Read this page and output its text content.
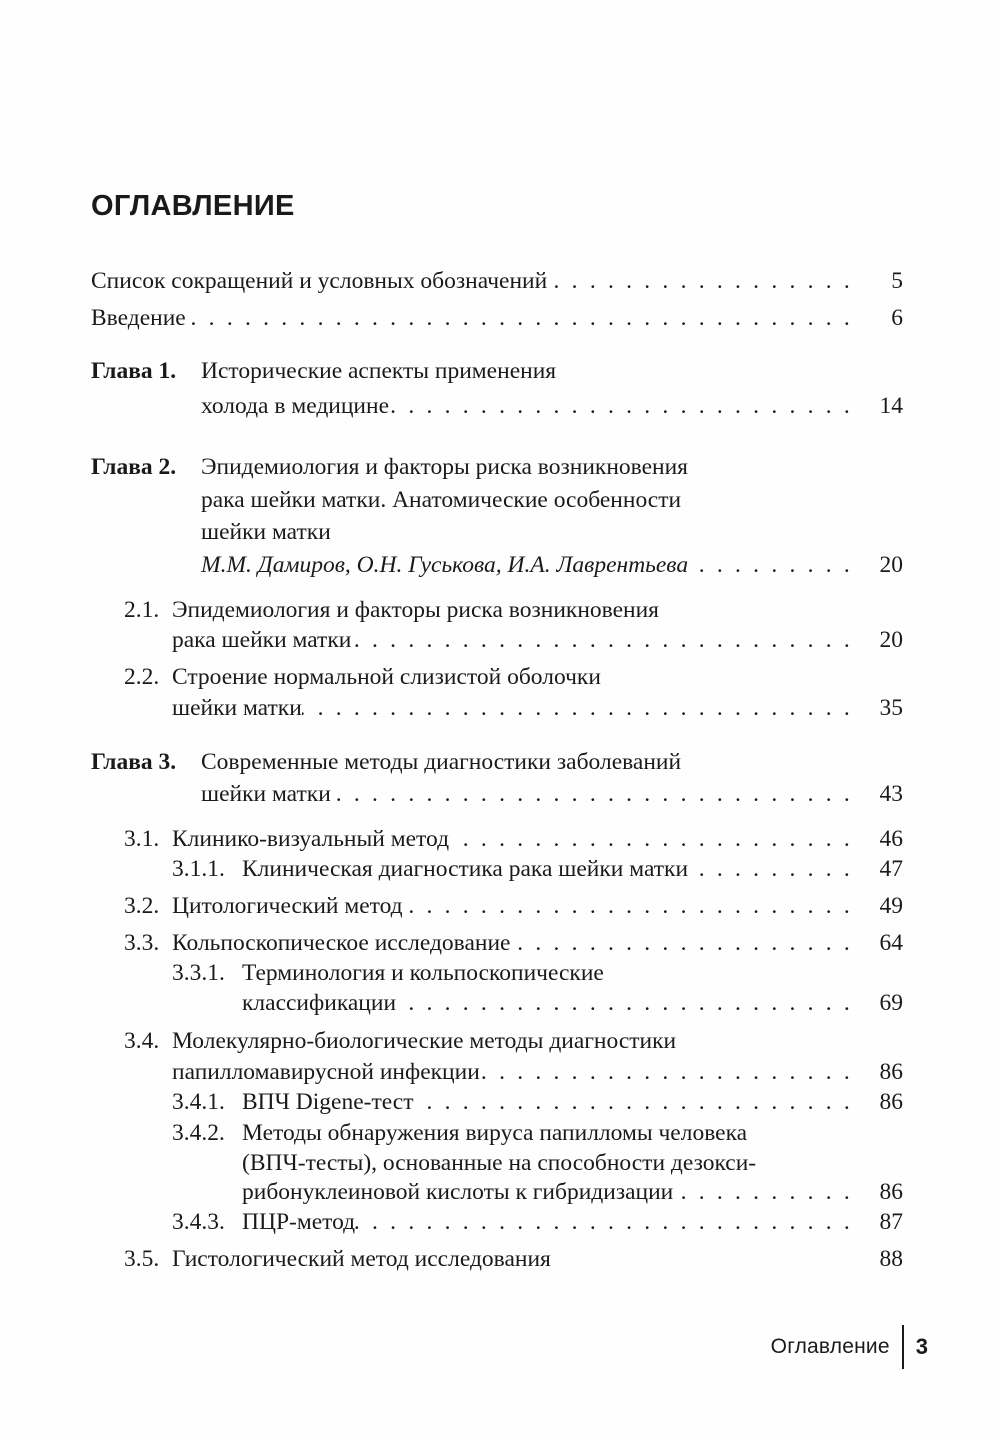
ОГЛАВЛЕНИЕ
Список сокращений и условных обозначений . . .	5
Введение . . .	6
Глава 1. Исторические аспекты применения
холода в медицине . . .	14
Глава 2. Эпидемиология и факторы риска возникновения
рака шейки матки. Анатомические особенности
шейки матки
М.М. Дамиров, О.Н. Гуськова, И.А. Лаврентьева . . .	20
2.1. Эпидемиология и факторы риска возникновения
рака шейки матки . . .	20
2.2. Строение нормальной слизистой оболочки
шейки матки . . .	35
Глава 3. Современные методы диагностики заболеваний
шейки матки . . .	43
3.1. Клинико-визуальный метод . . .	46
3.1.1. Клиническая диагностика рака шейки матки . . .	47
3.2. Цитологический метод . . .	49
3.3. Кольпоскопическое исследование . . .	64
3.3.1. Терминология и кольпоскопические
классификации . . .	69
3.4. Молекулярно-биологические методы диагностики
папилломавирусной инфекции . . .	86
3.4.1. ВПЧ Digene-тест . . .	86
3.4.2. Методы обнаружения вируса папилломы человека
(ВПЧ-тесты), основанные на способности дезокси-
рибонуклеиновой кислоты к гибридизации . . .	86
3.4.3. ПЦР-метод . . .	87
3.5. Гистологический метод исследования	88
Оглавление 3
